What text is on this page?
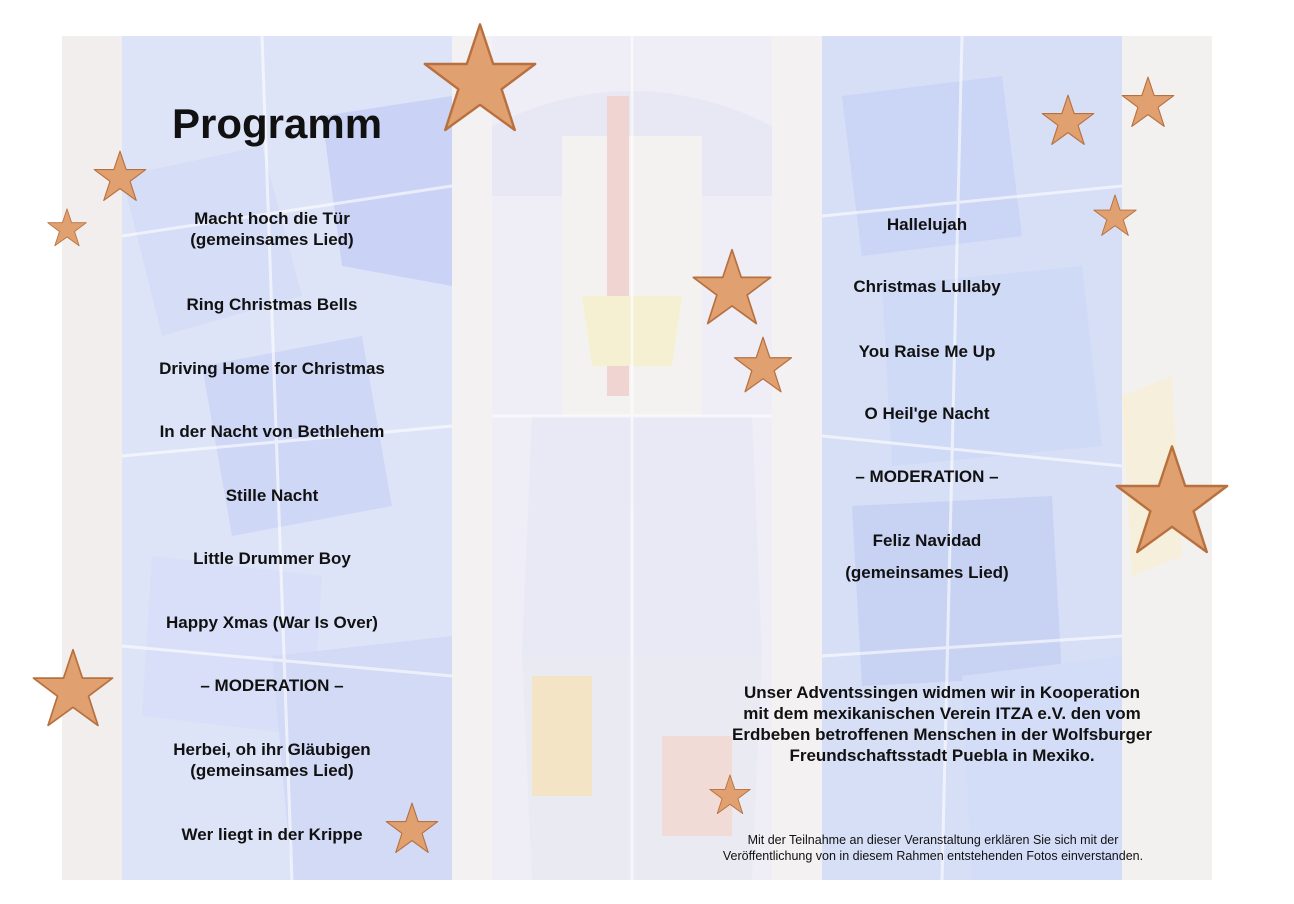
Programm
Macht hoch die Tür
(gemeinsames Lied)
Ring Christmas Bells
Driving Home for Christmas
In der Nacht von Bethlehem
Stille Nacht
Little Drummer Boy
Happy Xmas (War Is Over)
– MODERATION –
Herbei, oh ihr Gläubigen
(gemeinsames Lied)
Wer liegt in der Krippe
Hallelujah
Christmas Lullaby
You Raise Me Up
O Heil'ge Nacht
– MODERATION –
Feliz Navidad
(gemeinsames Lied)
Unser Adventssingen widmen wir in Kooperation
mit dem mexikanischen Verein ITZA e.V. den vom
Erdbeben betroffenen Menschen in der Wolfsburger
Freundschaftsstadt Puebla in Mexiko.
Mit der Teilnahme an dieser Veranstaltung erklären Sie sich mit der
Veröffentlichung von in diesem Rahmen entstehenden Fotos einverstanden.
